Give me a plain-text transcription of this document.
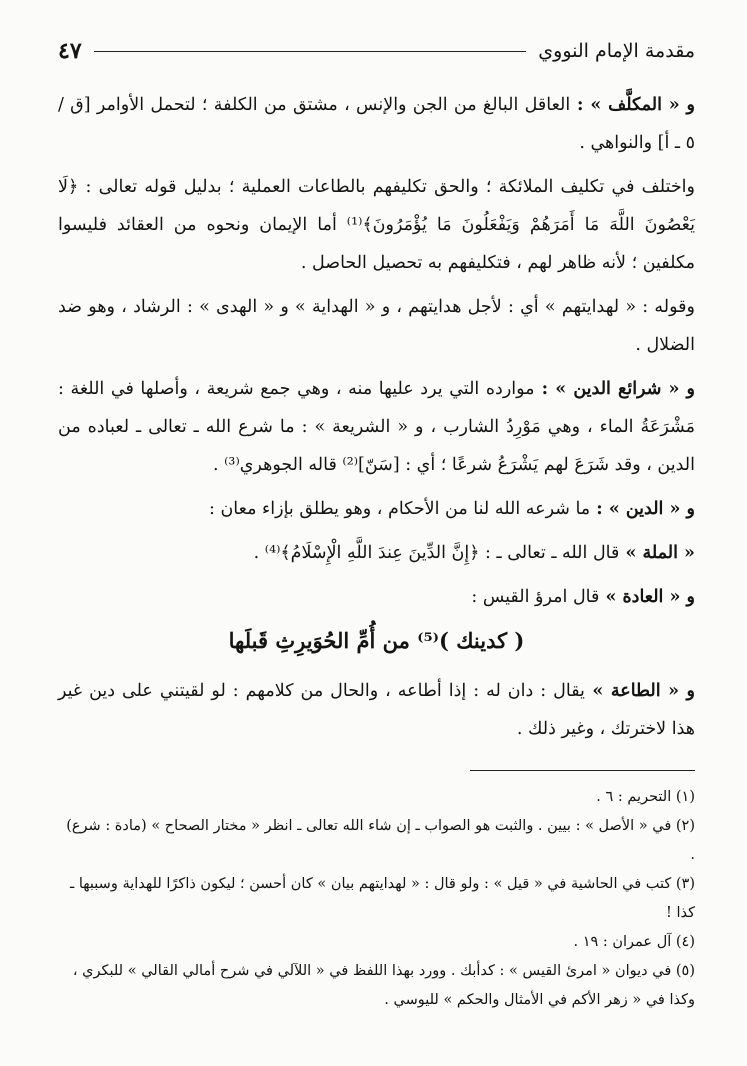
مقدمة الإمام النووي
٤٧

و « المكلَّف » : العاقل البالغ من الجن والإنس ، مشتق من الكلفة ؛ لتحمل الأوامر [ق / ٥ ـ أ] والنواهي .

واختلف في تكليف الملائكة ؛ والحق تكليفهم بالطاعات العملية ؛ بدليل قوله تعالى : ﴿لَا يَعْصُونَ اللَّهَ مَا أَمَرَهُمْ وَيَفْعَلُونَ مَا يُؤْمَرُونَ﴾⁽¹⁾ أما الإيمان ونحوه من العقائد فليسوا مكلفين ؛ لأنه ظاهر لهم ، فتكليفهم به تحصيل الحاصل .

وقوله : « لهدايتهم » أي : لأجل هدايتهم ، و « الهداية » و « الهدى » : الرشاد ، وهو ضد الضلال .

و « شرائع الدين » : موارده التي يرد عليها منه ، وهي جمع شريعة ، وأصلها في اللغة : مَشْرَعَةُ الماء ، وهي مَوْرِدُ الشارب ، و « الشريعة » : ما شرع الله ـ تعالى ـ لعباده من الدين ، وقد شَرَعَ لهم يَشْرَعُ شرعًا ؛ أي : [سَنّ]⁽²⁾ قاله الجوهري⁽³⁾ .

و « الدين » : ما شرعه الله لنا من الأحكام ، وهو يطلق بإزاء معان :

« الملة » قال الله ـ تعالى ـ : ﴿إِنَّ الدِّينَ عِندَ اللَّهِ الْإِسْلَامُ﴾⁽⁴⁾ .

و « العادة » قال امرؤ القيس :

( كدينك )⁽⁵⁾ من أُمِّ الحُوَيرِثِ قَبلَها

و « الطاعة » يقال : دان له : إذا أطاعه ، والحال من كلامهم : لو لقيتني على دين غير هذا لاخترتك ، وغير ذلك .

(١) التحريم : ٦ .

(٢) في « الأصل » : بيين . والثبت هو الصواب ـ إن شاء الله تعالى ـ انظر « مختار الصحاح » (مادة : شرع) .

(٣) كتب في الحاشية في « قيل » : ولو قال : « لهدايتهم بيان » كان أحسن ؛ ليكون ذاكرًا للهداية وسببها ـ كذا !

(٤) آل عمران : ١٩ .

(٥) في ديوان « امرئ القيس » : كدأبك . وورد بهذا اللفظ في « اللآلي في شرح أمالي القالي » للبكري ، وكذا في « زهر الأكم في الأمثال والحكم » لليوسي .
